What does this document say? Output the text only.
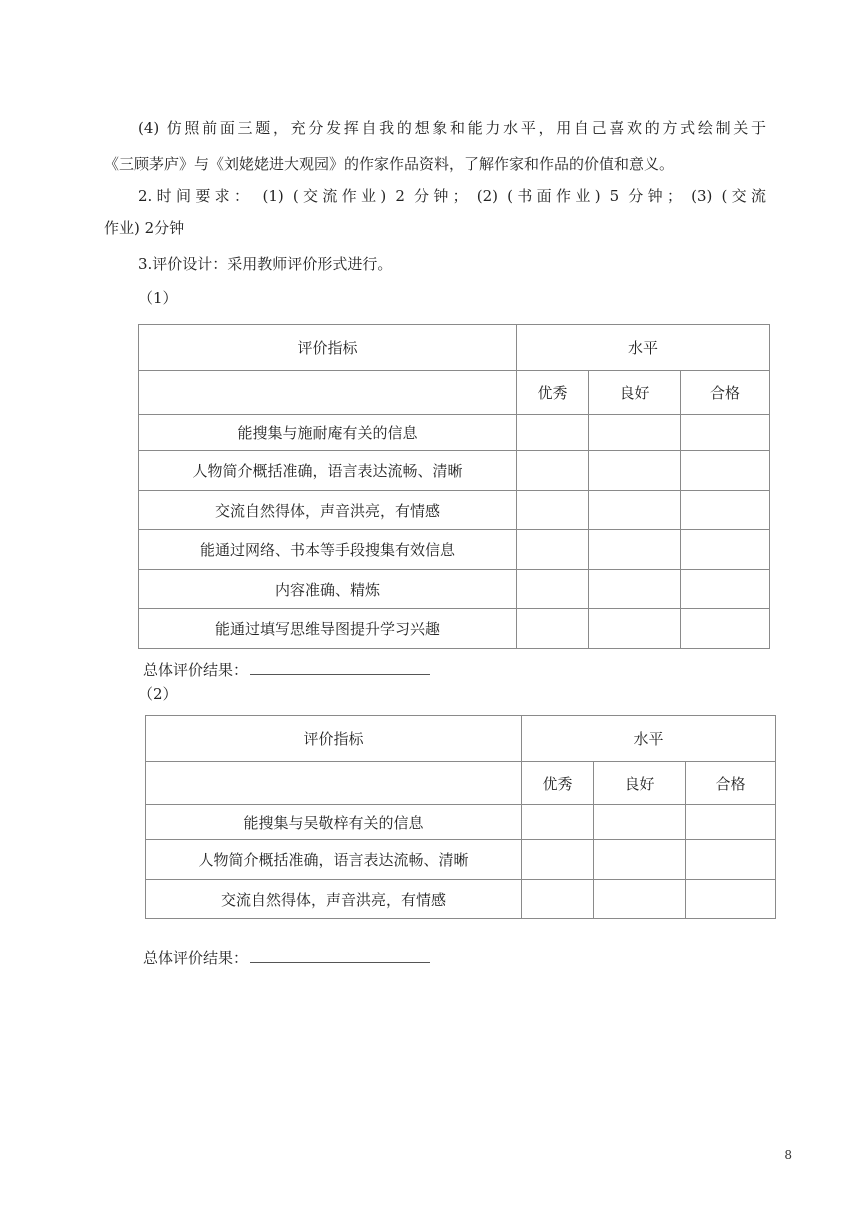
(4) 仿照前面三题，充分发挥自我的想象和能力水平，用自己喜欢的方式绘制关于
《三顾茅庐》与《刘姥姥进大观园》的作家作品资料，了解作家和作品的价值和意义。
2.时间要求： (1) (交流作业) 2 分钟； (2) (书面作业) 5 分钟； (3) (交流
作业) 2分钟
3.评价设计：采用教师评价形式进行。
（1）
评价指标	水平		
	优秀	良好	合格
能搜集与施耐庵有关的信息			
人物简介概括准确，语言表达流畅、清晰			
交流自然得体，声音洪亮，有情感			
能通过网络、书本等手段搜集有效信息			
内容准确、精炼			
能通过填写思维导图提升学习兴趣			
总体评价结果：
（2）
评价指标	水平		
	优秀	良好	合格
能搜集与吴敬梓有关的信息			
人物简介概括准确，语言表达流畅、清晰			
交流自然得体，声音洪亮，有情感			
总体评价结果：
8
